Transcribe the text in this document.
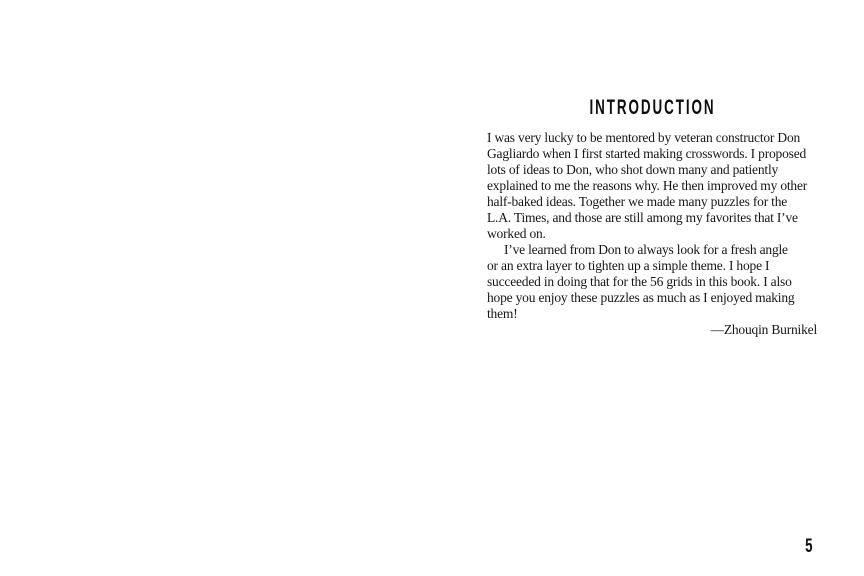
INTRODUCTION

I was very lucky to be mentored by veteran constructor Don
Gagliardo when I first started making crosswords. I proposed
lots of ideas to Don, who shot down many and patiently
explained to me the reasons why. He then improved my other
half-baked ideas. Together we made many puzzles for the
L.A. Times, and those are still among my favorites that I’ve
worked on.

I’ve learned from Don to always look for a fresh angle
or an extra layer to tighten up a simple theme. I hope I
succeeded in doing that for the 56 grids in this book. I also
hope you enjoy these puzzles as much as I enjoyed making
them!

—Zhouqin Burnikel
5
